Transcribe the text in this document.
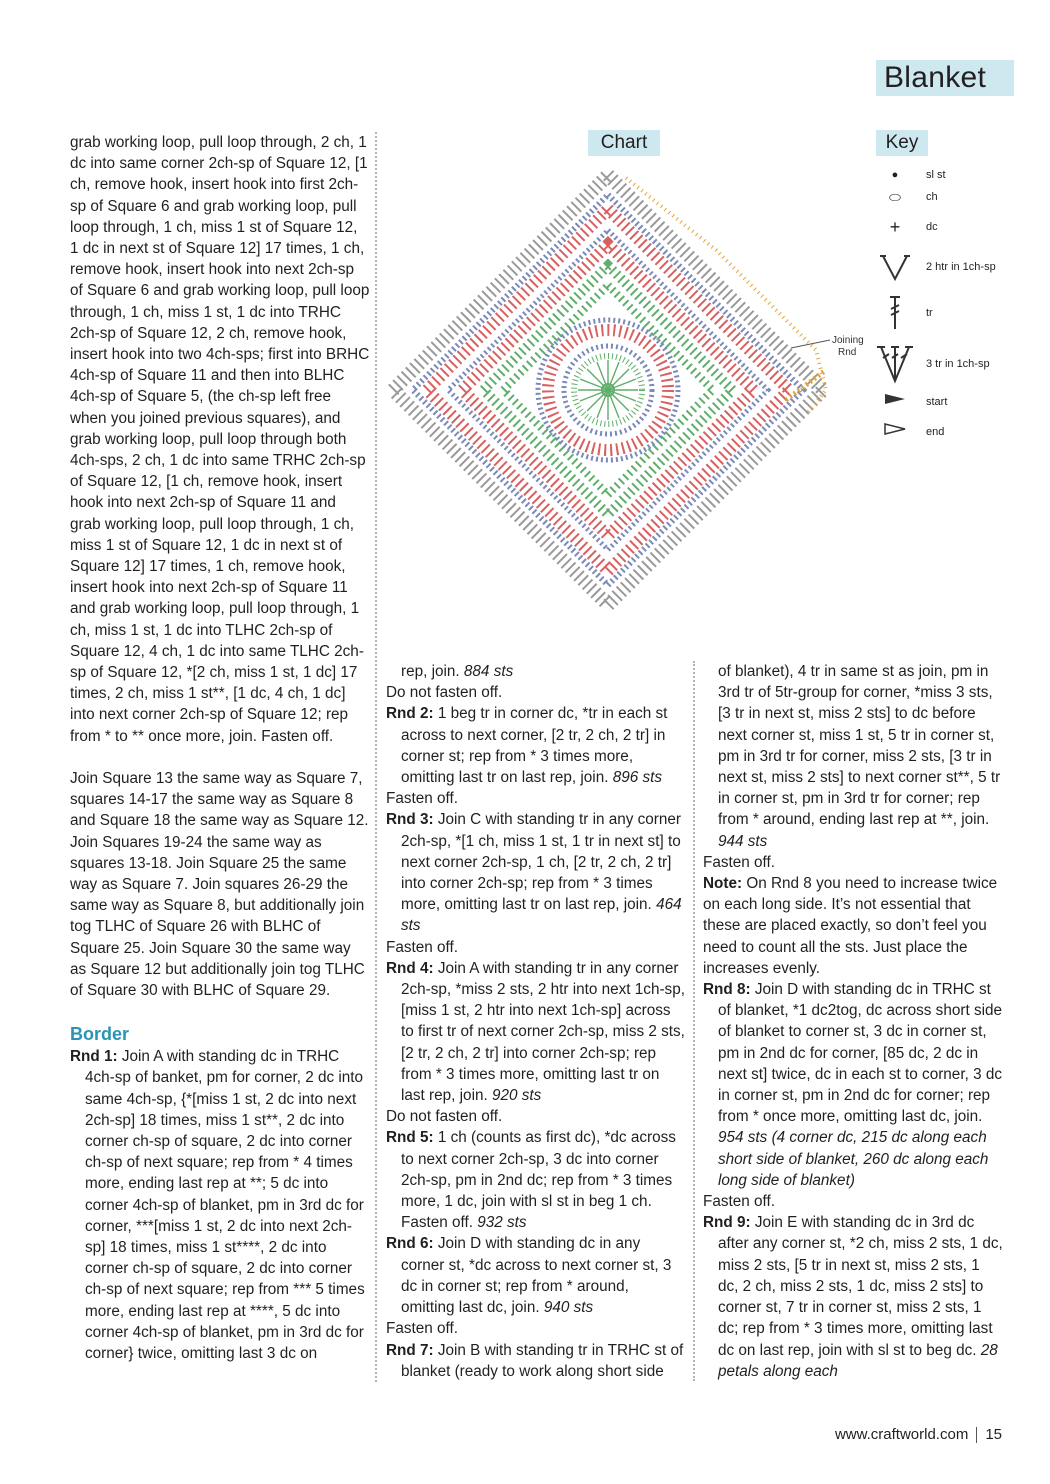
Blanket

grab working loop, pull loop through, 2 ch, 1 dc into same corner 2ch-sp of Square 12, [1 ch, remove hook, insert hook into first 2ch-sp of Square 6 and grab working loop, pull loop through, 1 ch, miss 1 st of Square 12, 1 dc in next st of Square 12] 17 times, 1 ch, remove hook, insert hook into next 2ch-sp of Square 6 and grab working loop, pull loop through, 1 ch, miss 1 st, 1 dc into TRHC 2ch-sp of Square 12, 2 ch, remove hook, insert hook into two 4ch-sps; first into BRHC 4ch-sp of Square 11 and then into BLHC 4ch-sp of Square 5, (the ch-sp left free when you joined previous squares), and grab working loop, pull loop through both 4ch-sps, 2 ch, 1 dc into same TRHC 2ch-sp of Square 12, [1 ch, remove hook, insert hook into next 2ch-sp of Square 11 and grab working loop, pull loop through, 1 ch, miss 1 st of Square 12, 1 dc in next st of Square 12] 17 times, 1 ch, remove hook, insert hook into next 2ch-sp of Square 11 and grab working loop, pull loop through, 1 ch, miss 1 st, 1 dc into TLHC 2ch-sp of Square 12, 4 ch, 1 dc into same TLHC 2ch-sp of Square 12, *[2 ch, miss 1 st, 1 dc] 17 times, 2 ch, miss 1 st**, [1 dc, 4 ch, 1 dc] into next corner 2ch-sp of Square 12; rep from * to ** once more, join. Fasten off.

Join Square 13 the same way as Square 7, squares 14-17 the same way as Square 8 and Square 18 the same way as Square 12. Join Squares 19-24 the same way as squares 13-18. Join Square 25 the same way as Square 7. Join squares 26-29 the same way as Square 8, but additionally join tog TLHC of Square 26 with BLHC of Square 25. Join Square 30 the same way as Square 12 but additionally join tog TLHC of Square 30 with BLHC of Square 29.

Border

Rnd 1: Join A with standing dc in TRHC 4ch-sp of banket, pm for corner, 2 dc into same 4ch-sp, {*[miss 1 st, 2 dc into next 2ch-sp] 18 times, miss 1 st**, 2 dc into corner ch-sp of square, 2 dc into corner ch-sp of next square; rep from * 4 times more, ending last rep at **; 5 dc into corner 4ch-sp of blanket, pm in 3rd dc for corner, ***[miss 1 st, 2 dc into next 2ch-sp] 18 times, miss 1 st****, 2 dc into corner ch-sp of square, 2 dc into corner ch-sp of next square; rep from *** 5 times more, ending last rep at ****, 5 dc into corner 4ch-sp of blanket, pm in 3rd dc for corner} twice, omitting last 3 dc on

Chart	Key
Joining Rnd
●	sl st
⬭	ch
+	dc
2 htr in 1ch-sp
tr
3 tr in 1ch-sp
start
end

rep, join. 884 sts

Do not fasten off.

Rnd 2: 1 beg tr in corner dc, *tr in each st across to next corner, [2 tr, 2 ch, 2 tr] in corner st; rep from * 3 times more, omitting last tr on last rep, join. 896 sts

Fasten off.

Rnd 3: Join C with standing tr in any corner 2ch-sp, *[1 ch, miss 1 st, 1 tr in next st] to next corner 2ch-sp, 1 ch, [2 tr, 2 ch, 2 tr] into corner 2ch-sp; rep from * 3 times more, omitting last tr on last rep, join. 464 sts

Fasten off.

Rnd 4: Join A with standing tr in any corner 2ch-sp, *miss 2 sts, 2 htr into next 1ch-sp, [miss 1 st, 2 htr into next 1ch-sp] across to first tr of next corner 2ch-sp, miss 2 sts, [2 tr, 2 ch, 2 tr] into corner 2ch-sp; rep from * 3 times more, omitting last tr on last rep, join. 920 sts

Do not fasten off.

Rnd 5: 1 ch (counts as first dc), *dc across to next corner 2ch-sp, 3 dc into corner 2ch-sp, pm in 2nd dc; rep from * 3 times more, 1 dc, join with sl st in beg 1 ch. Fasten off. 932 sts

Rnd 6: Join D with standing dc in any corner st, *dc across to next corner st, 3 dc in corner st; rep from * around, omitting last dc, join. 940 sts

Fasten off.

Rnd 7: Join B with standing tr in TRHC st of blanket (ready to work along short side

of blanket), 4 tr in same st as join, pm in 3rd tr of 5tr-group for corner, *miss 3 sts, [3 tr in next st, miss 2 sts] to dc before next corner st, miss 1 st, 5 tr in corner st, pm in 3rd tr for corner, miss 2 sts, [3 tr in next st, miss 2 sts] to next corner st**, 5 tr in corner st, pm in 3rd tr for corner; rep from * around, ending last rep at **, join. 944 sts

Fasten off.

Note: On Rnd 8 you need to increase twice on each long side. It’s not essential that these are placed exactly, so don’t feel you need to count all the sts. Just place the increases evenly.

Rnd 8: Join D with standing dc in TRHC st of blanket, *1 dc2tog, dc across short side of blanket to corner st, 3 dc in corner st, pm in 2nd dc for corner, [85 dc, 2 dc in next st] twice, dc in each st to corner, 3 dc in corner st, pm in 2nd dc for corner; rep from * once more, omitting last dc, join. 954 sts (4 corner dc, 215 dc along each short side of blanket, 260 dc along each long side of blanket)

Fasten off.

Rnd 9: Join E with standing dc in 3rd dc after any corner st, *2 ch, miss 2 sts, 1 dc, miss 2 sts, [5 tr in next st, miss 2 sts, 1 dc, 2 ch, miss 2 sts, 1 dc, miss 2 sts] to corner st, 7 tr in corner st, miss 2 sts, 1 dc; rep from * 3 times more, omitting last dc on last rep, join with sl st to beg dc. 28 petals along each

www.craftworld.com 15
